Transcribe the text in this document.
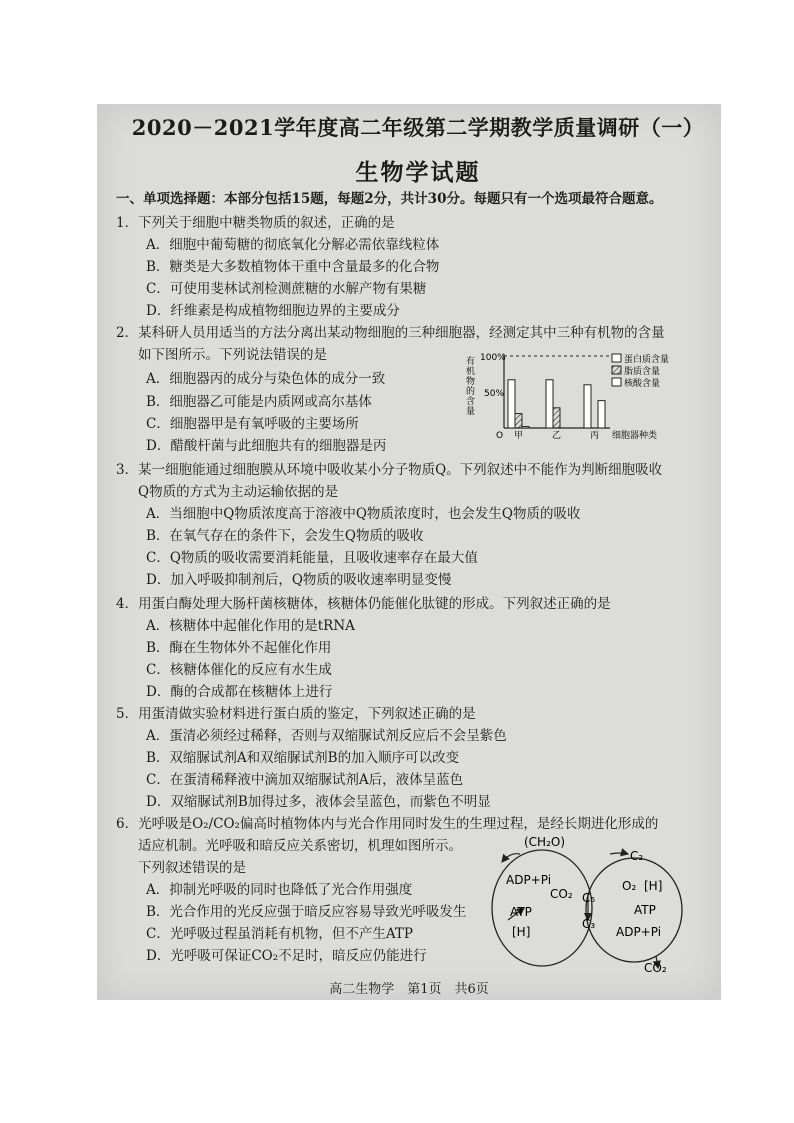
2020－2021学年度高二年级第二学期教学质量调研（一）
生物学试题
一、单项选择题：本部分包括15题，每题2分，共计30分。每题只有一个选项最符合题意。
1．下列关于细胞中糖类物质的叙述，正确的是
A．细胞中葡萄糖的彻底氧化分解必需依靠线粒体
B．糖类是大多数植物体干重中含量最多的化合物
C．可使用斐林试剂检测蔗糖的水解产物有果糖
D．纤维素是构成植物细胞边界的主要成分
2．某科研人员用适当的方法分离出某动物细胞的三种细胞器，经测定其中三种有机物的含量
如下图所示。下列说法错误的是
A．细胞器丙的成分与染色体的成分一致
B．细胞器乙可能是内质网或高尔基体
C．细胞器甲是有氧呼吸的主要场所
D．醋酸杆菌与此细胞共有的细胞器是丙
100%
50%
O
有
机
物
的
含
量
细胞器种类
甲	乙	丙
蛋白质含量
脂质含量
核酸含量
3．某一细胞能通过细胞膜从环境中吸收某小分子物质Q。下列叙述中不能作为判断细胞吸收
Q物质的方式为主动运输依据的是
A．当细胞中Q物质浓度高于溶液中Q物质浓度时，也会发生Q物质的吸收
B．在氧气存在的条件下，会发生Q物质的吸收
C．Q物质的吸收需要消耗能量，且吸收速率存在最大值
D．加入呼吸抑制剂后，Q物质的吸收速率明显变慢
4．用蛋白酶处理大肠杆菌核糖体，核糖体仍能催化肽键的形成。下列叙述正确的是
A．核糖体中起催化作用的是tRNA
B．酶在生物体外不起催化作用
C．核糖体催化的反应有水生成
D．酶的合成都在核糖体上进行
5．用蛋清做实验材料进行蛋白质的鉴定，下列叙述正确的是
A．蛋清必须经过稀释，否则与双缩脲试剂反应后不会呈紫色
B．双缩脲试剂A和双缩脲试剂B的加入顺序可以改变
C．在蛋清稀释液中滴加双缩脲试剂A后，液体呈蓝色
D．双缩脲试剂B加得过多，液体会呈蓝色，而紫色不明显
6．光呼吸是O₂/CO₂偏高时植物体内与光合作用同时发生的生理过程，是经长期进化形成的
适应机制。光呼吸和暗反应关系密切，机理如图所示。
下列叙述错误的是
A．抑制光呼吸的同时也降低了光合作用强度
B．光合作用的光反应强于暗反应容易导致光呼吸发生
C．光呼吸过程虽消耗有机物，但不产生ATP
D．光呼吸可保证CO₂不足时，暗反应仍能进行
(CH₂O)
C₂
ADP+Pi
CO₂ C₅
O₂ [H]
ATP	ATP
C₃
[H]	ADP+Pi
CO₂
高二生物学　第1页　共6页
